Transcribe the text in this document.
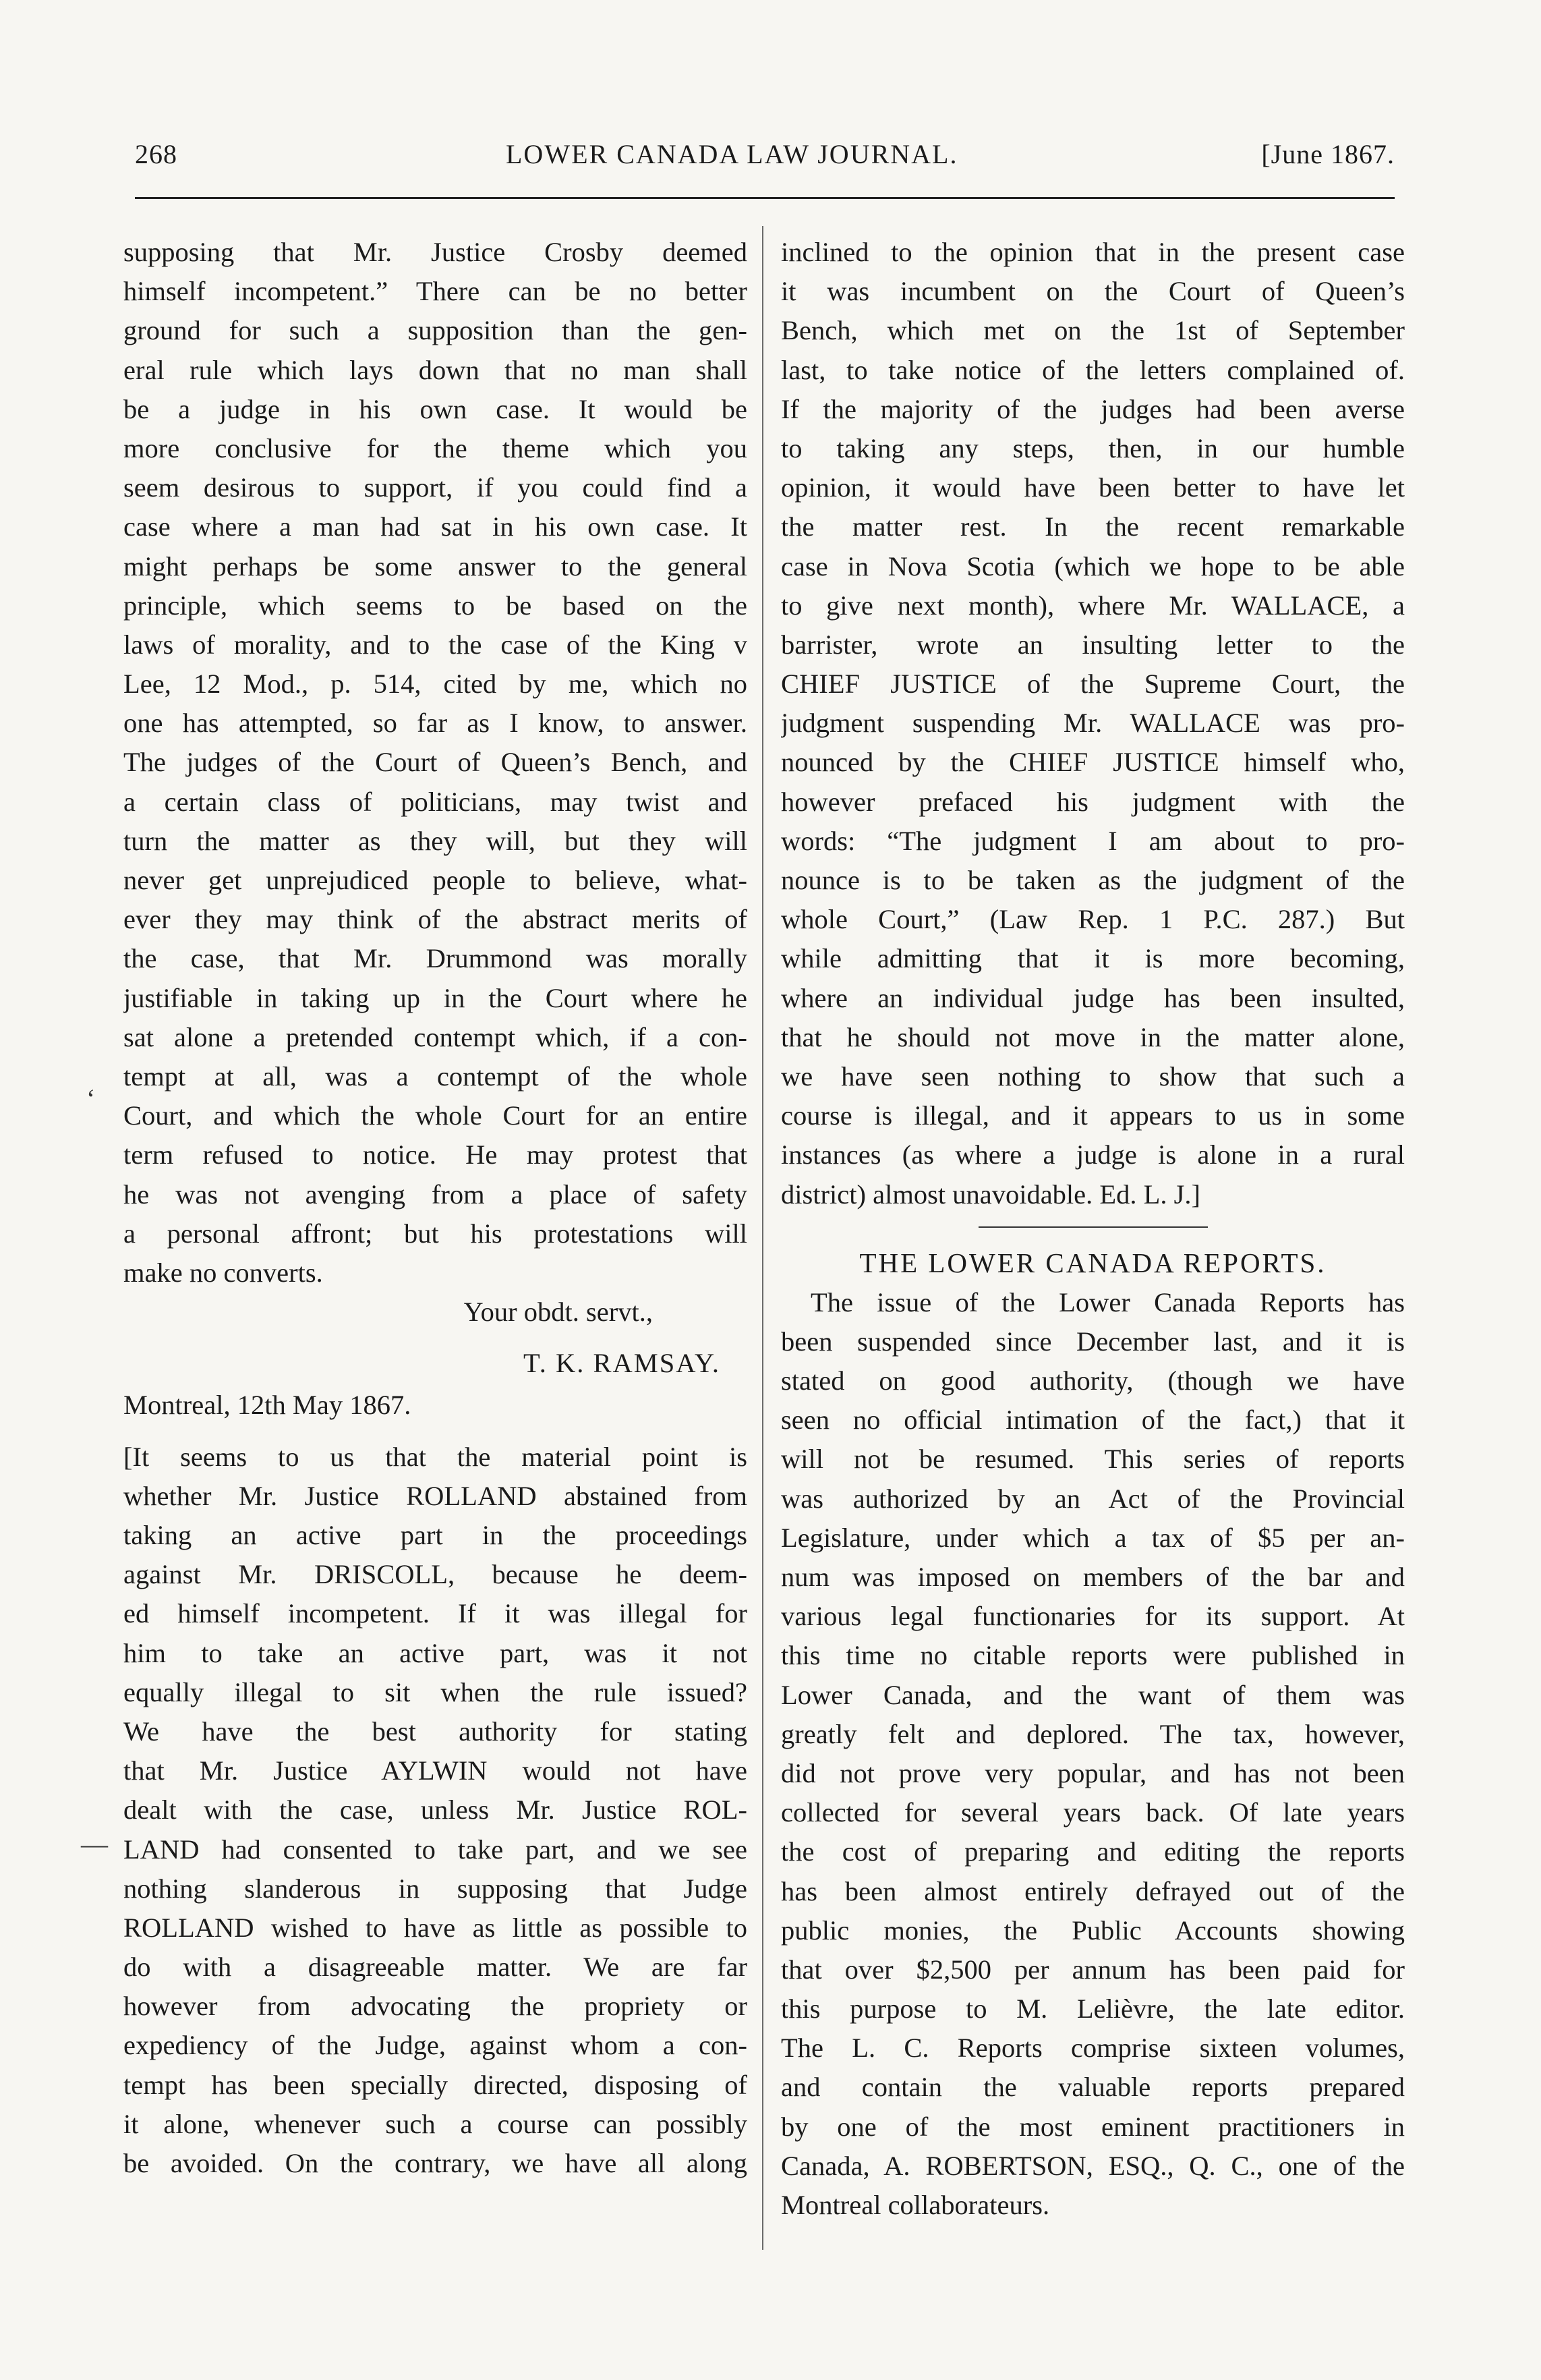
268	LOWER CANADA LAW JOURNAL.	[June 1867.
supposing that Mr. Justice Crosby deemed
himself incompetent.” There can be no better
ground for such a supposition than the gen-
eral rule which lays down that no man shall
be a judge in his own case. It would be
more conclusive for the theme which you
seem desirous to support, if you could find a
case where a man had sat in his own case. It
might perhaps be some answer to the general
principle, which seems to be based on the
laws of morality, and to the case of the King v
Lee, 12 Mod., p. 514, cited by me, which no
one has attempted, so far as I know, to answer.
The judges of the Court of Queen’s Bench, and
a certain class of politicians, may twist and
turn the matter as they will, but they will
never get unprejudiced people to believe, what-
ever they may think of the abstract merits of
the case, that Mr. Drummond was morally
justifiable in taking up in the Court where he
sat alone a pretended contempt which, if a con-
tempt at all, was a contempt of the whole
Court, and which the whole Court for an entire
term refused to notice. He may protest that
he was not avenging from a place of safety
a personal affront; but his protestations will
make no converts.
Your obdt. servt.,
T. K. RAMSAY.
Montreal, 12th May 1867.
[It seems to us that the material point is
whether Mr. Justice ROLLAND abstained from
taking an active part in the proceedings
against Mr. DRISCOLL, because he deem-
ed himself incompetent. If it was illegal for
him to take an active part, was it not
equally illegal to sit when the rule issued?
We have the best authority for stating
that Mr. Justice AYLWIN would not have
dealt with the case, unless Mr. Justice ROL-
LAND had consented to take part, and we see
nothing slanderous in supposing that Judge
ROLLAND wished to have as little as possible to
do with a disagreeable matter. We are far
however from advocating the propriety or
expediency of the Judge, against whom a con-
tempt has been specially directed, disposing of
it alone, whenever such a course can possibly
be avoided. On the contrary, we have all along
inclined to the opinion that in the present case
it was incumbent on the Court of Queen’s
Bench, which met on the 1st of September
last, to take notice of the letters complained of.
If the majority of the judges had been averse
to taking any steps, then, in our humble
opinion, it would have been better to have let
the matter rest. In the recent remarkable
case in Nova Scotia (which we hope to be able
to give next month), where Mr. WALLACE, a
barrister, wrote an insulting letter to the
CHIEF JUSTICE of the Supreme Court, the
judgment suspending Mr. WALLACE was pro-
nounced by the CHIEF JUSTICE himself who,
however prefaced his judgment with the
words: “The judgment I am about to pro-
nounce is to be taken as the judgment of the
whole Court,” (Law Rep. 1 P.C. 287.) But
while admitting that it is more becoming,
where an individual judge has been insulted,
that he should not move in the matter alone,
we have seen nothing to show that such a
course is illegal, and it appears to us in some
instances (as where a judge is alone in a rural
district) almost unavoidable. Ed. L. J.]
THE LOWER CANADA REPORTS.
The issue of the Lower Canada Reports has
been suspended since December last, and it is
stated on good authority, (though we have
seen no official intimation of the fact,) that it
will not be resumed. This series of reports
was authorized by an Act of the Provincial
Legislature, under which a tax of $5 per an-
num was imposed on members of the bar and
various legal functionaries for its support. At
this time no citable reports were published in
Lower Canada, and the want of them was
greatly felt and deplored. The tax, however,
did not prove very popular, and has not been
collected for several years back. Of late years
the cost of preparing and editing the reports
has been almost entirely defrayed out of the
public monies, the Public Accounts showing
that over $2,500 per annum has been paid for
this purpose to M. Lelièvre, the late editor.
The L. C. Reports comprise sixteen volumes,
and contain the valuable reports prepared
by one of the most eminent practitioners in
Canada, A. ROBERTSON, ESQ., Q. C., one of the
Montreal collaborateurs.
‘
—
